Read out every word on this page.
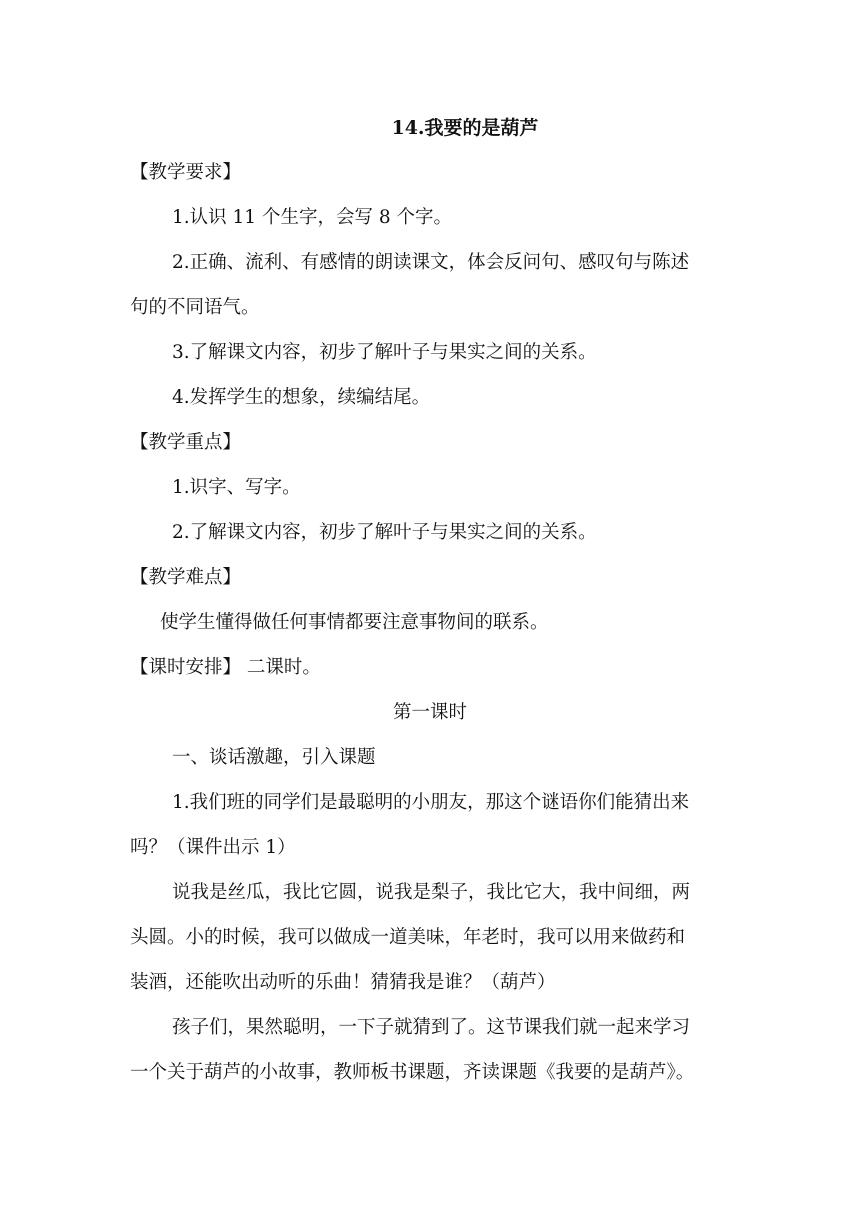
14.我要的是葫芦
【教学要求】
1.认识 11 个生字，会写 8 个字。
2.正确、流利、有感情的朗读课文，体会反问句、感叹句与陈述
句的不同语气。
3.了解课文内容，初步了解叶子与果实之间的关系。
4.发挥学生的想象，续编结尾。
【教学重点】
1.识字、写字。
2.了解课文内容，初步了解叶子与果实之间的关系。
【教学难点】
使学生懂得做任何事情都要注意事物间的联系。
【课时安排】 二课时。
第一课时
一、谈话激趣，引入课题
1.我们班的同学们是最聪明的小朋友，那这个谜语你们能猜出来
吗？（课件出示 1）
说我是丝瓜，我比它圆，说我是梨子，我比它大，我中间细，两
头圆。小的时候，我可以做成一道美味，年老时，我可以用来做药和
装酒，还能吹出动听的乐曲！猜猜我是谁？（葫芦）
孩子们，果然聪明，一下子就猜到了。这节课我们就一起来学习
一个关于葫芦的小故事，教师板书课题，齐读课题《我要的是葫芦》。
